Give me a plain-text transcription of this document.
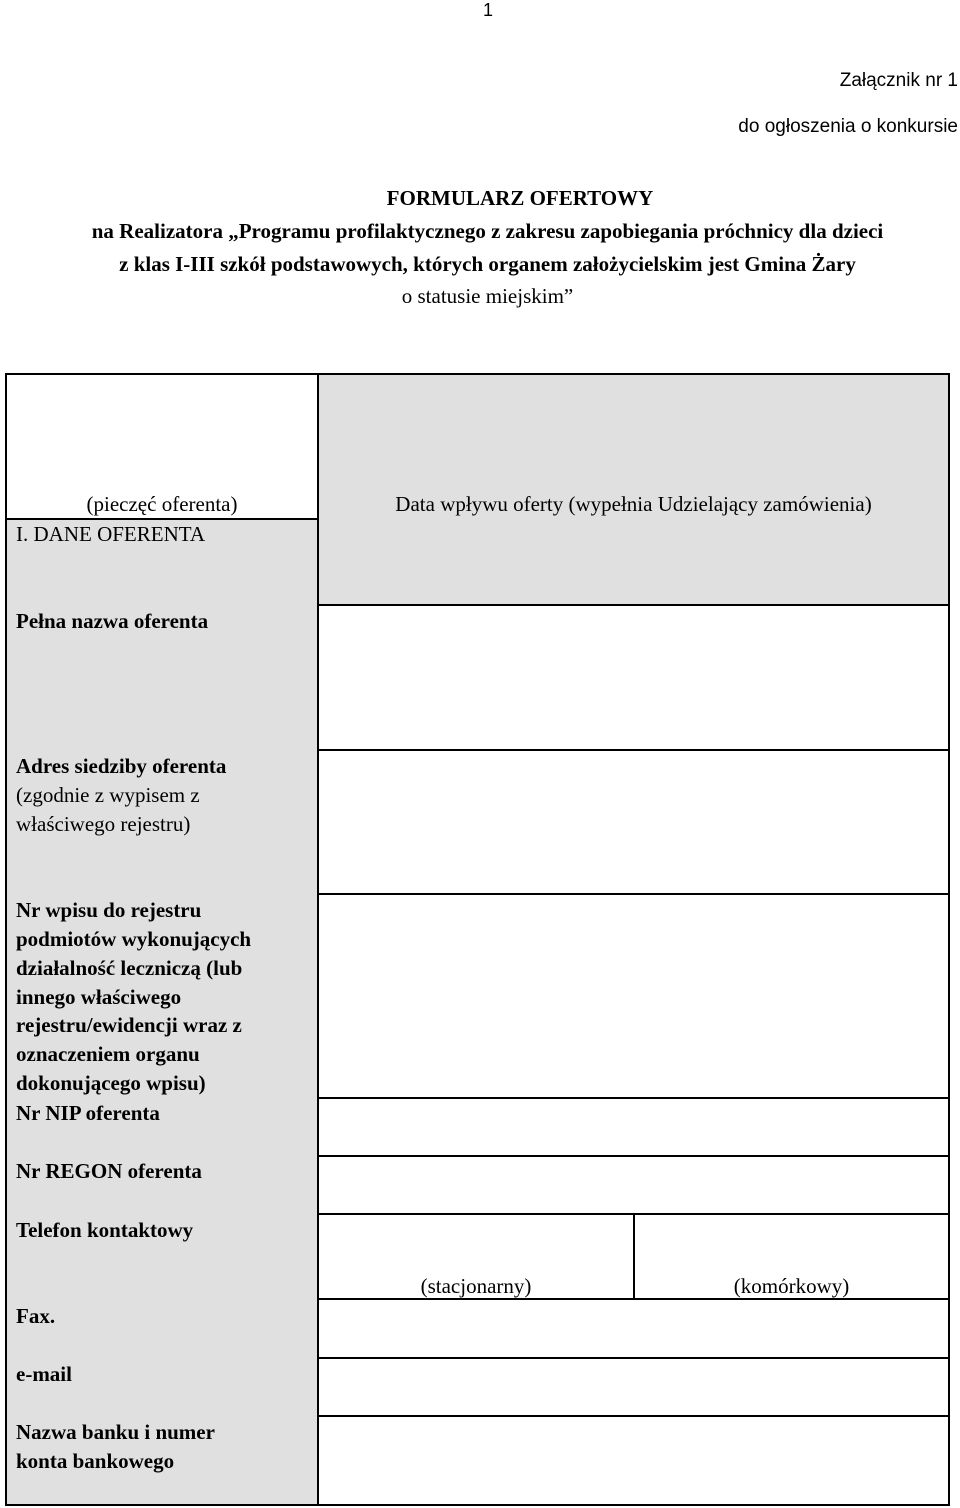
1
Załącznik nr 1
do ogłoszenia o konkursie
FORMULARZ OFERTOWY
na Realizatora „Programu profilaktycznego z zakresu zapobiegania próchnicy dla dzieci
z klas I-III szkół podstawowych, których organem założycielskim jest Gmina Żary
o statusie miejskim”
(pieczęć oferenta)	Data wpływu oferty (wypełnia Udzielający zamówienia)
I. DANE OFERENTA
Pełna nazwa oferenta
Adres siedziby oferenta
(zgodnie z wypisem z
właściwego rejestru)
Nr wpisu do rejestru
podmiotów wykonujących
działalność leczniczą (lub
innego właściwego
rejestru/ewidencji wraz z
oznaczeniem organu
dokonującego wpisu)
Nr NIP oferenta
Nr REGON oferenta
Telefon kontaktowy
(stacjonarny)	(komórkowy)
Fax.
e-mail
Nazwa banku i numer
konta bankowego
